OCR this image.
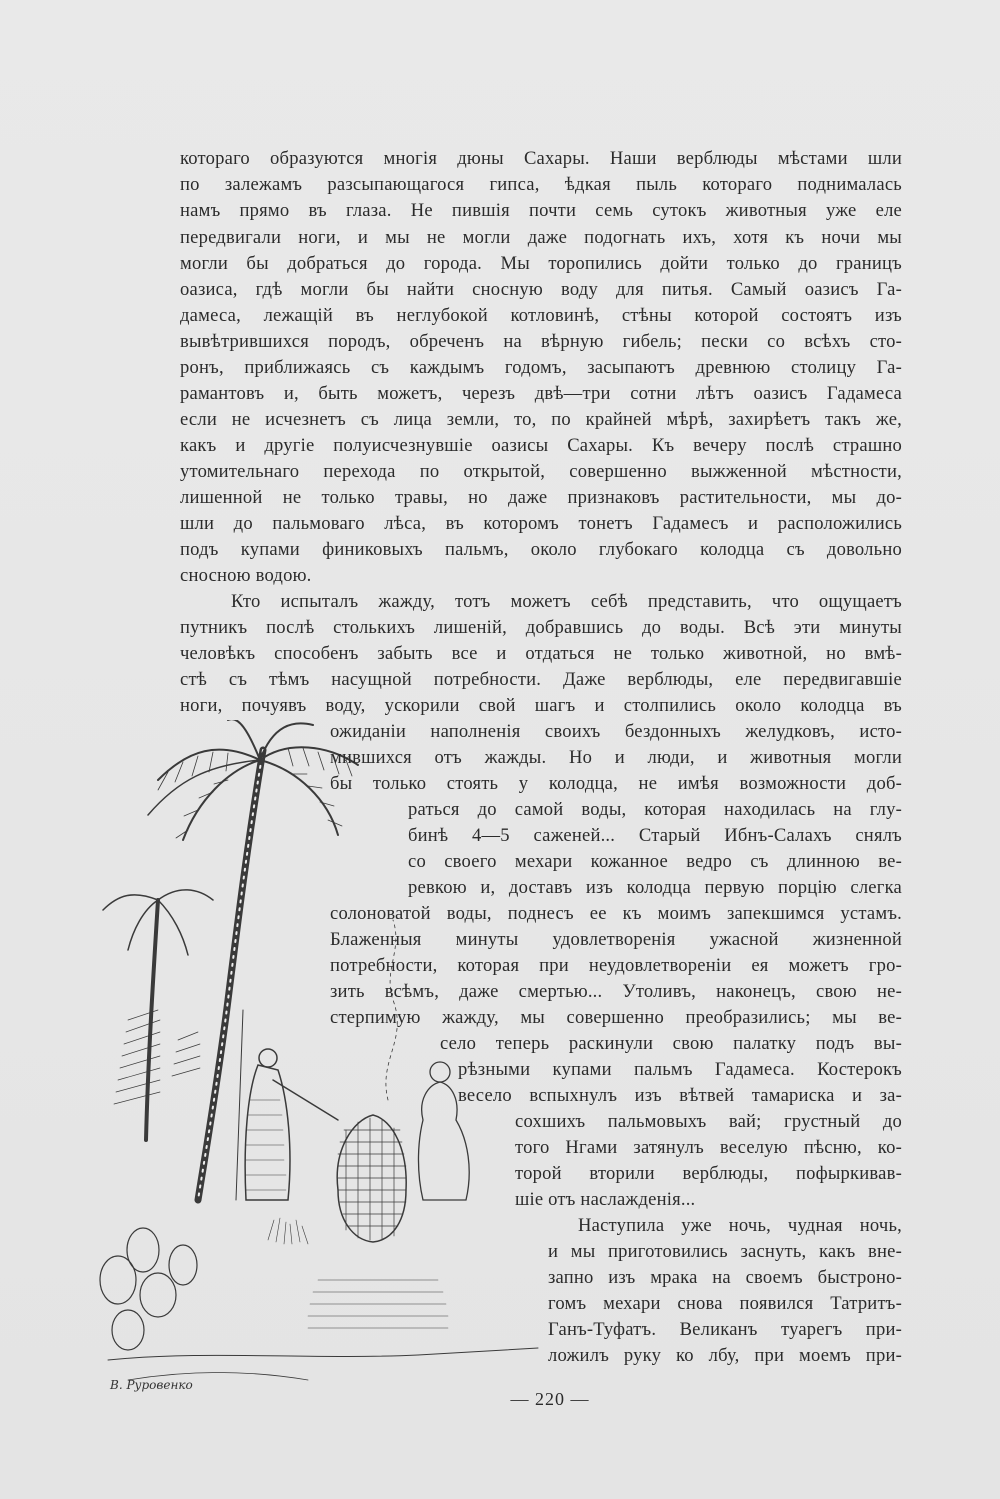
В. Руровенко
котораго образуются многія дюны Сахары. Наши верблюды мѣстами шли
по залежамъ разсыпающагося гипса, ѣдкая пыль котораго поднималась
намъ прямо въ глаза. Не пившія почти семь сутокъ животныя уже еле
передвигали ноги, и мы не могли даже подогнать ихъ, хотя къ ночи мы
могли бы добраться до города. Мы торопились дойти только до границъ
оазиса, гдѣ могли бы найти сносную воду для питья. Самый оазисъ Га-
дамеса, лежащій въ неглубокой котловинѣ, стѣны которой состоятъ изъ
вывѣтрившихся породъ, обреченъ на вѣрную гибель; пески со всѣхъ сто-
ронъ, приближаясь съ каждымъ годомъ, засыпаютъ древнюю столицу Га-
рамантовъ и, быть можетъ, черезъ двѣ—три сотни лѣтъ оазисъ Гадамеса
если не исчезнетъ съ лица земли, то, по крайней мѣрѣ, захирѣетъ такъ же,
какъ и другіе полуисчезнувшіе оазисы Сахары. Къ вечеру послѣ страшно
утомительнаго перехода по открытой, совершенно выжженной мѣстности,
лишенной не только травы, но даже признаковъ растительности, мы до-
шли до пальмоваго лѣса, въ которомъ тонетъ Гадамесъ и расположились
подъ купами финиковыхъ пальмъ, около глубокаго колодца съ довольно
сносною водою.
Кто испыталъ жажду, тотъ можетъ себѣ представить, что ощущаетъ
путникъ послѣ столькихъ лишеній, добравшись до воды. Всѣ эти минуты
человѣкъ способенъ забыть все и отдаться не только животной, но вмѣ-
стѣ съ тѣмъ насущной потребности. Даже верблюды, еле передвигавшіе
ноги, почуявъ воду, ускорили свой шагъ и столпились около колодца въ
ожиданіи наполненія своихъ бездонныхъ желудковъ, исто-
мившихся отъ жажды. Но и люди, и животныя могли
бы только стоять у колодца, не имѣя возможности доб-
раться до самой воды, которая находилась на глу-
бинѣ 4—5 саженей... Старый Ибнъ-Салахъ снялъ
со своего мехари кожанное ведро съ длинною ве-
ревкою и, доставъ изъ колодца первую порцію слегка
солоноватой воды, поднесъ ее къ моимъ запекшимся устамъ.
Блаженныя минуты удовлетворенія ужасной жизненной
потребности, которая при неудовлетвореніи ея можетъ гро-
зить всѣмъ, даже смертью... Утоливъ, наконецъ, свою не-
стерпимую жажду, мы совершенно преобразились; мы ве-
село теперь раскинули свою палатку подъ вы-
рѣзными купами пальмъ Гадамеса. Костерокъ
весело вспыхнулъ изъ вѣтвей тамариска и за-
сохшихъ пальмовыхъ вай; грустный до
того Нгами затянулъ веселую пѣсню, ко-
торой вторили верблюды, пофыркивав-
шіе отъ наслажденія...
Наступила уже ночь, чудная ночь,
и мы приготовились заснуть, какъ вне-
запно изъ мрака на своемъ быстроно-
гомъ мехари снова появился Татритъ-
Ганъ-Туфатъ. Великанъ туарегъ при-
ложилъ руку ко лбу, при моемъ при-
— 220 —
